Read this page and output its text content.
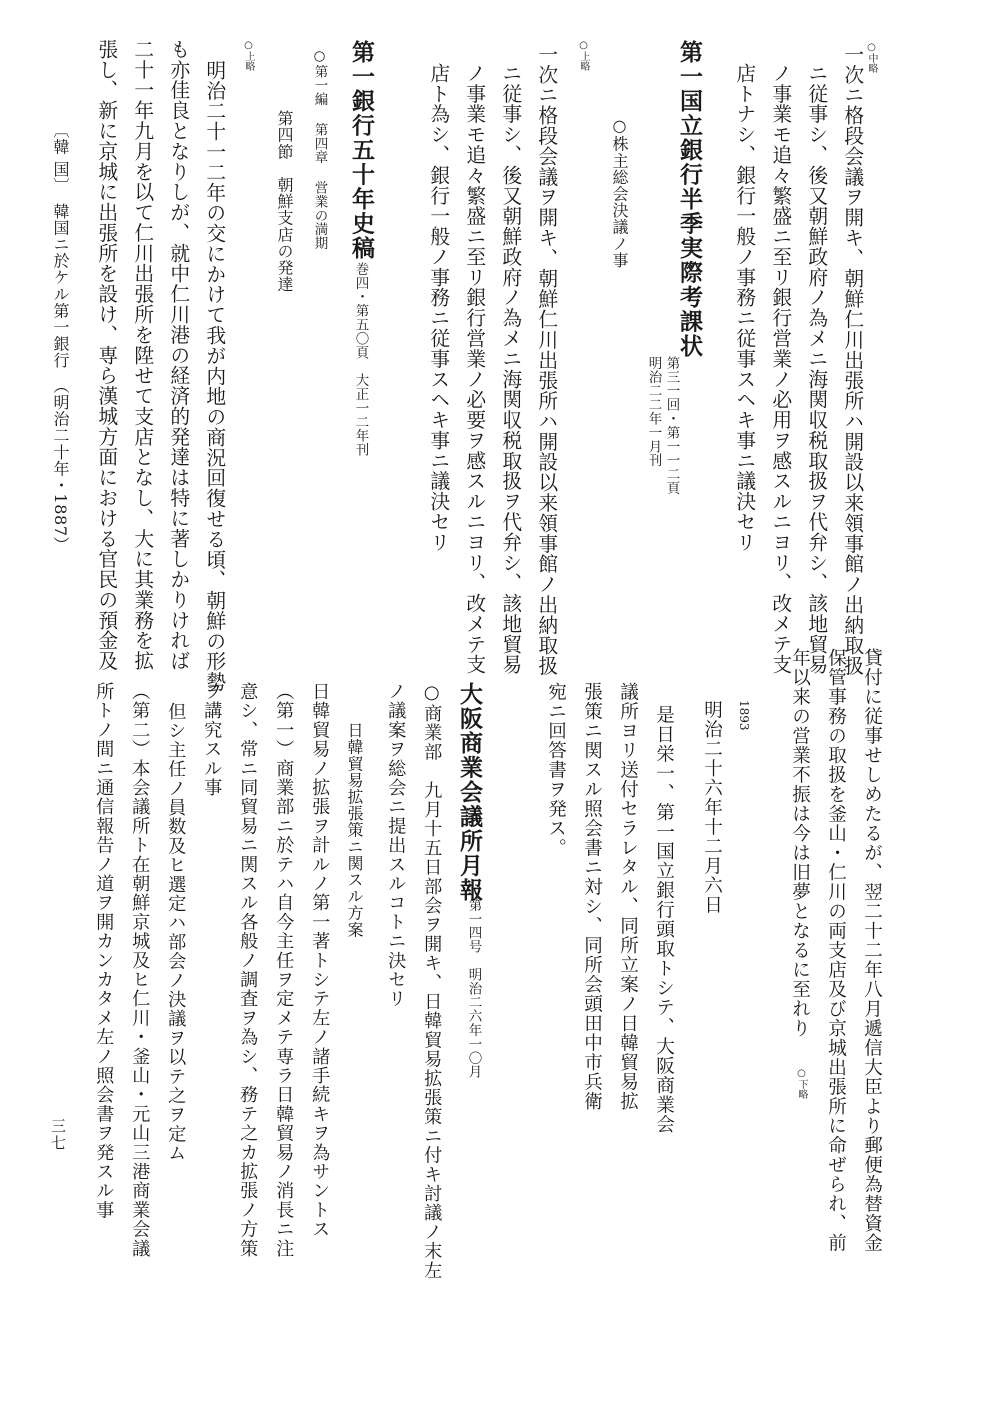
○中略
一次ニ格段会議ヲ開キ、朝鮮仁川出張所ハ開設以来領事館ノ出納取扱
ニ従事シ、後又朝鮮政府ノ為メニ海関収税取扱ヲ代弁シ、該地貿易
ノ事業モ追々繁盛ニ至リ銀行営業ノ必用ヲ感スルニヨリ、改メテ支
店トナシ、銀行一般ノ事務ニ従事スヘキ事ニ議決セリ
第一国立銀行半季実際考課状
第三一回・第一一二頁
明治二二年一月刊
○株主総会決議ノ事
○上略
一次ニ格段会議ヲ開キ、朝鮮仁川出張所ハ開設以来領事館ノ出納取扱
ニ従事シ、後又朝鮮政府ノ為メニ海関収税取扱ヲ代弁シ、該地貿易
ノ事業モ追々繁盛ニ至リ銀行営業ノ必要ヲ感スルニヨリ、改メテ支
店ト為シ、銀行一般ノ事務ニ従事スヘキ事ニ議決セリ
第一銀行五十年史稿
巻四・第五〇頁　大正一二年刊
○第一編 第四章 営業の満期
第四節　朝鮮支店の発達
○上略
明治二十一二年の交にかけて我が内地の商況回復せる頃、朝鮮の形勢
も亦佳良となりしが、就中仁川港の経済的発達は特に著しかりければ
二十一年九月を以て仁川出張所を陞せて支店となし、大に其業務を拡
張し、新に京城に出張所を設け、専ら漢城方面における官民の預金及
〔韓 国〕　韓国ニ於ケル第一銀行　（明治二十年・1887）
貸付に従事せしめたるが、翌二十二年八月遞信大臣より郵便為替資金
保管事務の取扱を釜山・仁川の両支店及び京城出張所に命ぜられ、前
年以来の営業不振は今は旧夢となるに至れり
○下略
1893
明治二十六年十二月六日
是日栄一、第一国立銀行頭取トシテ、大阪商業会
議所ヨリ送付セラレタル、同所立案ノ日韓貿易拡
張策ニ関スル照会書ニ対シ、同所会頭田中市兵衛
宛ニ回答書ヲ発ス。
大阪商業会議所月報
第一四号　明治二六年一〇月
○商業部　九月十五日部会ヲ開キ、日韓貿易拡張策ニ付キ討議ノ末左
ノ議案ヲ総会ニ提出スルコトニ決セリ
日韓貿易拡張策ニ関スル方案
日韓貿易ノ拡張ヲ計ルノ第一著トシテ左ノ諸手続キヲ為サントス
（第一）商業部ニ於テハ自今主任ヲ定メテ専ラ日韓貿易ノ消長ニ注
意シ、常ニ同貿易ニ関スル各般ノ調査ヲ為シ、務テ之カ拡張ノ方策
ヲ講究スル事
但シ主任ノ員数及ヒ選定ハ部会ノ決議ヲ以テ之ヲ定ム
（第二）本会議所ト在朝鮮京城及ヒ仁川・釜山・元山三港商業会議
所トノ間ニ通信報告ノ道ヲ開カンカタメ左ノ照会書ヲ発スル事
三七
